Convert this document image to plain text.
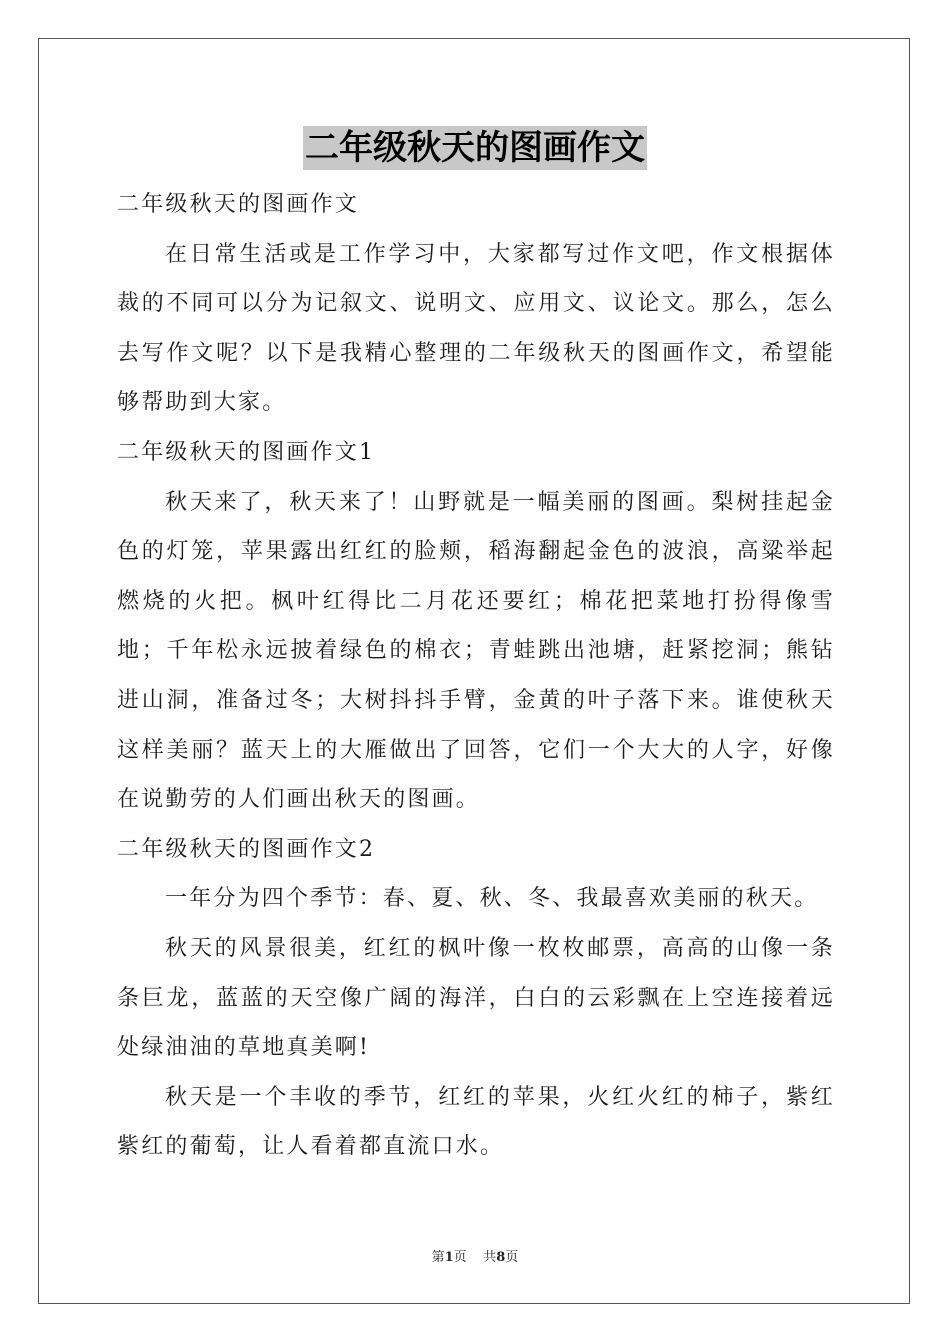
二年级秋天的图画作文

二年级秋天的图画作文

在日常生活或是工作学习中，大家都写过作文吧，作文根据体裁的不同可以分为记叙文、说明文、应用文、议论文。那么，怎么去写作文呢？以下是我精心整理的二年级秋天的图画作文，希望能够帮助到大家。

二年级秋天的图画作文1

秋天来了，秋天来了！山野就是一幅美丽的图画。梨树挂起金色的灯笼，苹果露出红红的脸颊，稻海翻起金色的波浪，高粱举起燃烧的火把。枫叶红得比二月花还要红；棉花把菜地打扮得像雪地；千年松永远披着绿色的棉衣；青蛙跳出池塘，赶紧挖洞；熊钻进山洞，准备过冬；大树抖抖手臂，金黄的叶子落下来。谁使秋天这样美丽？蓝天上的大雁做出了回答，它们一个大大的人字，好像在说勤劳的人们画出秋天的图画。

二年级秋天的图画作文2

一年分为四个季节：春、夏、秋、冬、我最喜欢美丽的秋天。

秋天的风景很美，红红的枫叶像一枚枚邮票，高高的山像一条条巨龙，蓝蓝的天空像广阔的海洋，白白的云彩飘在上空连接着远处绿油油的草地真美啊!

秋天是一个丰收的季节，红红的苹果，火红火红的柿子，紫红紫红的葡萄，让人看着都直流口水。

第1页 共8页
